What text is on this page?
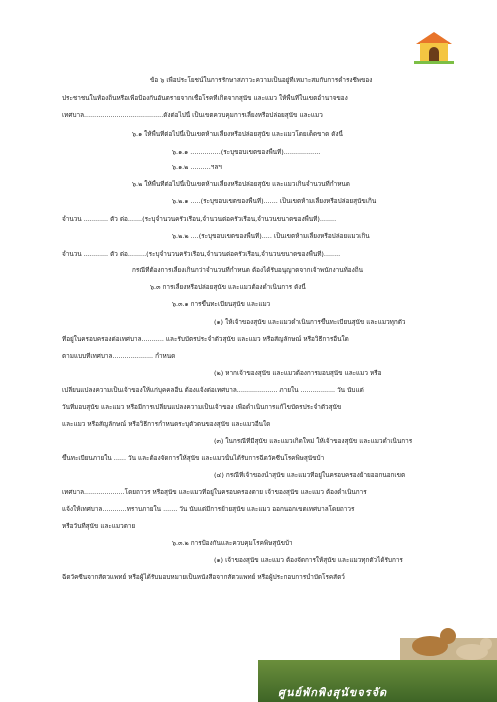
ข้อ ๖ เพื่อประโยชน์ในการรักษาสภาวะความเป็นอยู่ที่เหมาะสมกับการดำรงชีพของ
ประชาชนในท้องถิ่นหรือเพื่อป้องกันอันตรายจากเชื้อโรคที่เกิดจากสุนัข และแมว ให้พื้นที่ในเขตอำนาจของ
เทศบาล.......................................ดังต่อไปนี้ เป็นเขตควบคุมการเลี้ยงหรือปล่อยสุนัข และแมว
๖.๑ ให้พื้นที่ต่อไปนี้เป็นเขตห้ามเลี้ยงหรือปล่อยสุนัข และแมวโดยเด็ดขาด ดังนี้
๖.๑.๑ ...............(ระบุขอบเขตของพื้นที่)..................
๖.๑.๒ ..........ฯลฯ
๖.๒ ให้พื้นที่ต่อไปนี้เป็นเขตห้ามเลี้ยงหรือปล่อยสุนัข และแมวเกินจำนวนที่กำหนด
๖.๒.๑ .....(ระบุขอบเขตของพื้นที่)....... เป็นเขตห้ามเลี้ยงหรือปล่อยสุนัขเกิน
จำนวน ............ ตัว ต่อ.......(ระบุจำนวนครัวเรือน,จำนวนต่อครัวเรือน,จำนวนขนาดของพื้นที่)........
๖.๒.๒ ....(ระบุขอบเขตของพื้นที่)..... เป็นเขตห้ามเลี้ยงหรือปล่อยแมวเกิน
จำนวน ............ ตัว ต่อ.........(ระบุจำนวนครัวเรือน,จำนวนต่อครัวเรือน,จำนวนขนาดของพื้นที่)........
กรณีที่ต้องการเลี้ยงเกินกว่าจำนวนที่กำหนด ต้องได้รับอนุญาตจากเจ้าพนักงานท้องถิ่น
๖.๓ การเลี้ยงหรือปล่อยสุนัข และแมวต้องดำเนินการ ดังนี้
๖.๓.๑ การขึ้นทะเบียนสุนัข และแมว
(๑) ให้เจ้าของสุนัข และแมวดำเนินการขึ้นทะเบียนสุนัข และแมวทุกตัว
ที่อยู่ในครอบครองต่อเทศบาล........... และรับบัตรประจำตัวสุนัข และแมว หรือสัญลักษณ์ หรือวิธีการอื่นใด
ตามแบบที่เทศบาล.................... กำหนด
(๒) หากเจ้าของสุนัข และแมวต้องการมอบสุนัข และแมว หรือ
เปลี่ยนแปลงความเป็นเจ้าของให้แก่บุคคลอื่น ต้องแจ้งต่อเทศบาล.................... ภายใน ................. วัน นับแต่
วันที่มอบสุนัข และแมว หรือมีการเปลี่ยนแปลงความเป็นเจ้าของ เพื่อดำเนินการแก้ไขบัตรประจำตัวสุนัข
และแมว หรือสัญลักษณ์ หรือวิธีการกำหนดระบุตัวตนของสุนัข และแมวอื่นใด
(๓) ในกรณีที่มีสุนัข และแมวเกิดใหม่ ให้เจ้าของสุนัข และแมวดำเนินการ
ขึ้นทะเบียนภายใน ...... วัน และต้องจัดการให้สุนัข และแมวนั้นได้รับการฉีดวัคซีนโรคพิษสุนัขบ้า
(๔) กรณีที่เจ้าของนำสุนัข และแมวที่อยู่ในครอบครองย้ายออกนอกเขต
เทศบาล....................โดยถาวร หรือสุนัข และแมวที่อยู่ในครอบครองตาย เจ้าของสุนัข และแมว ต้องดำเนินการ
แจ้งให้เทศบาล............ทราบภายใน ....... วัน นับแต่มีการย้ายสุนัข และแมว ออกนอกเขตเทศบาลโดยถาวร
หรือวันที่สุนัข และแมวตาย
๖.๓.๒ การป้องกันและควบคุมโรคพิษสุนัขบ้า
(๑) เจ้าของสุนัข และแมว ต้องจัดการให้สุนัข และแมวทุกตัวได้รับการ
ฉีดวัคซีนจากสัตวแพทย์ หรือผู้ได้รับมอบหมายเป็นหนังสือจากสัตวแพทย์ หรือผู้ประกอบการบำบัดโรคสัตว์
ศูนย์พักพิงสุนัขจรจัด
